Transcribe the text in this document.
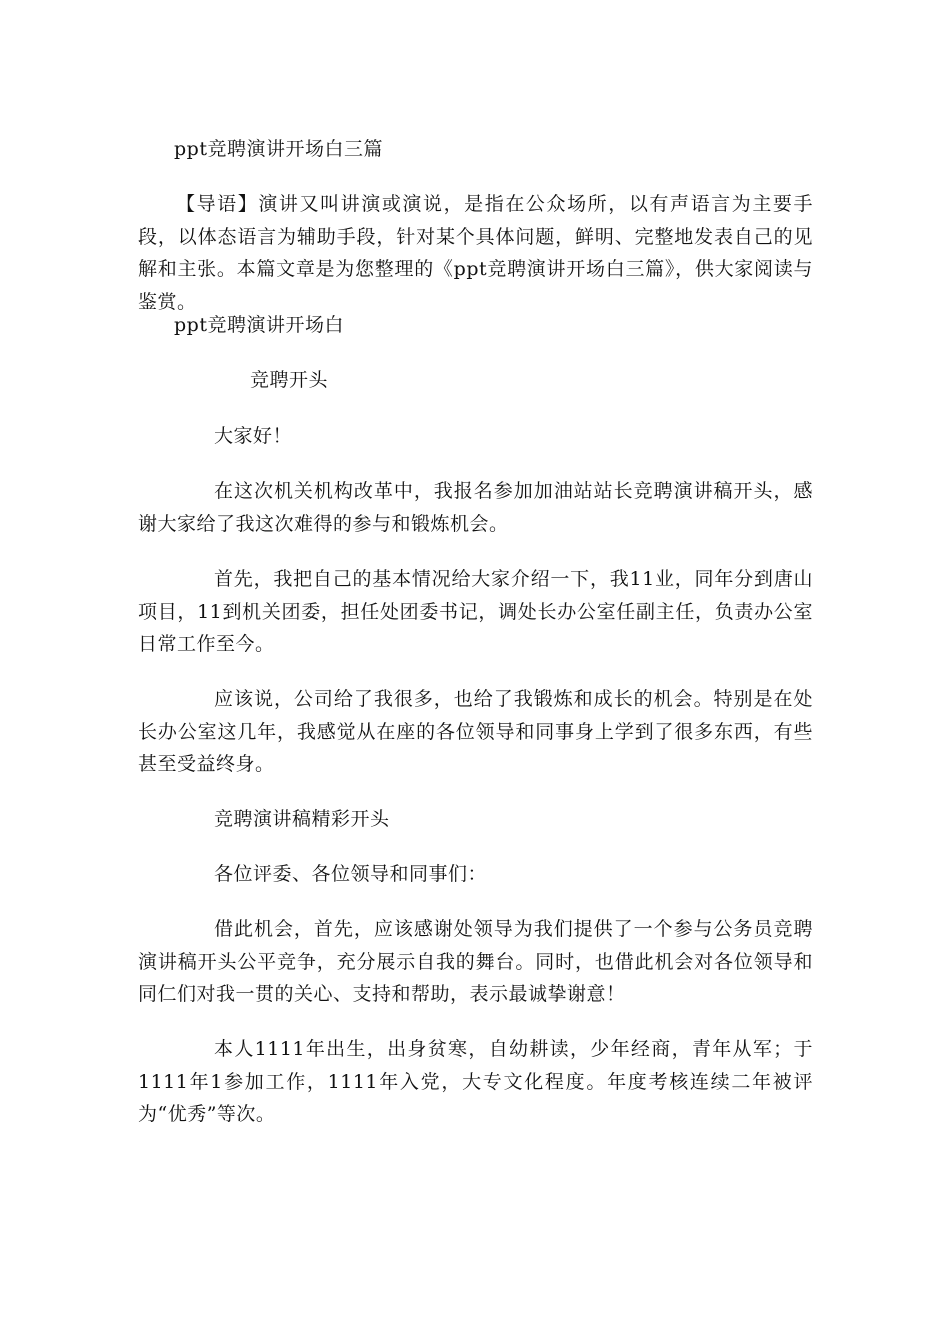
ppt竞聘演讲开场白三篇
【导语】演讲又叫讲演或演说，是指在公众场所，以有声语言为主要手段，以体态语言为辅助手段，针对某个具体问题，鲜明、完整地发表自己的见解和主张。本篇文章是为您整理的《ppt竞聘演讲开场白三篇》，供大家阅读与鉴赏。
ppt竞聘演讲开场白
竞聘开头
大家好！
在这次机关机构改革中，我报名参加加油站站长竞聘演讲稿开头，感谢大家给了我这次难得的参与和锻炼机会。
首先，我把自己的基本情况给大家介绍一下，我11业，同年分到唐山项目，11到机关团委，担任处团委书记，调处长办公室任副主任，负责办公室日常工作至今。
应该说，公司给了我很多，也给了我锻炼和成长的机会。特别是在处长办公室这几年，我感觉从在座的各位领导和同事身上学到了很多东西，有些甚至受益终身。
竞聘演讲稿精彩开头
各位评委、各位领导和同事们：
借此机会，首先，应该感谢处领导为我们提供了一个参与公务员竞聘演讲稿开头公平竞争，充分展示自我的舞台。同时，也借此机会对各位领导和同仁们对我一贯的关心、支持和帮助，表示最诚挚谢意！
本人1111年出生，出身贫寒，自幼耕读，少年经商，青年从军；于1111年1参加工作，1111年入党，大专文化程度。年度考核连续二年被评为“优秀”等次。
